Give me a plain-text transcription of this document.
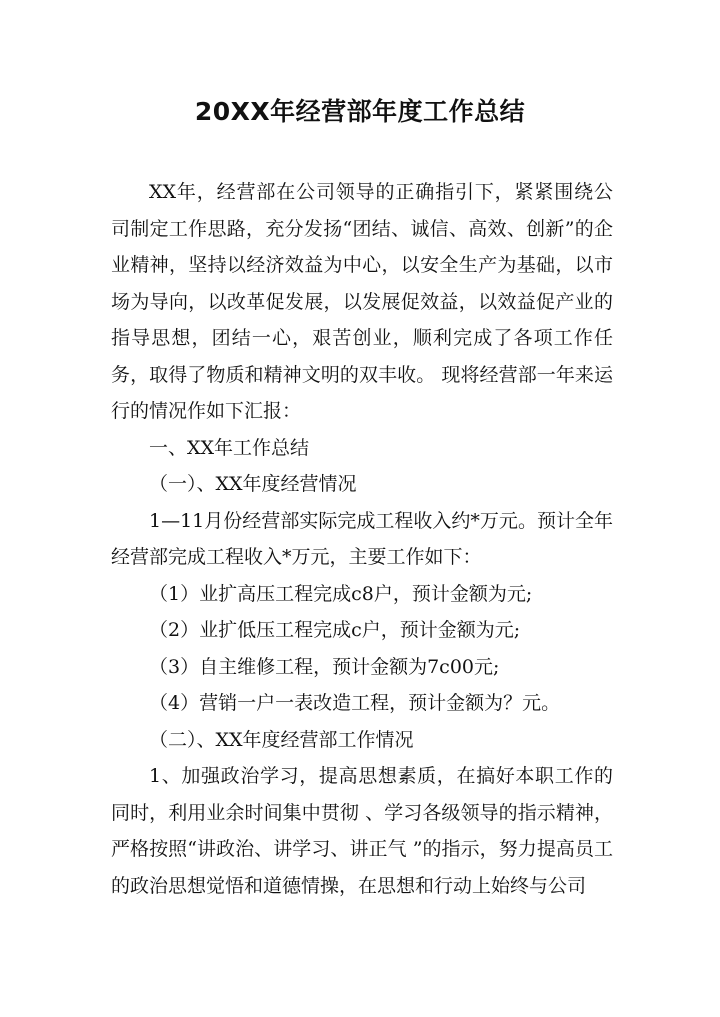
20XX年经营部年度工作总结

XX年，经营部在公司领导的正确指引下，紧紧围绕公司制定工作思路，充分发扬“团结、诚信、高效、创新”的企业精神，坚持以经济效益为中心，以安全生产为基础，以市场为导向，以改革促发展，以发展促效益，以效益促产业的指导思想，团结一心，艰苦创业，顺利完成了各项工作任务，取得了物质和精神文明的双丰收。 现将经营部一年来运行的情况作如下汇报：

一、XX年工作总结

（一）、XX年度经营情况

1—11月份经营部实际完成工程收入约*万元。预计全年经营部完成工程收入*万元，主要工作如下：

（1）业扩高压工程完成c8户，预计金额为元;

（2）业扩低压工程完成c户，预计金额为元;

（3）自主维修工程，预计金额为7c00元;

（4）营销一户一表改造工程，预计金额为？元。

（二）、XX年度经营部工作情况

1、加强政治学习，提高思想素质，在搞好本职工作的同时，利用业余时间集中贯彻 、学习各级领导的指示精神，严格按照“讲政治、讲学习、讲正气 ”的指示，努力提高员工的政治思想觉悟和道德情操，在思想和行动上始终与公司
